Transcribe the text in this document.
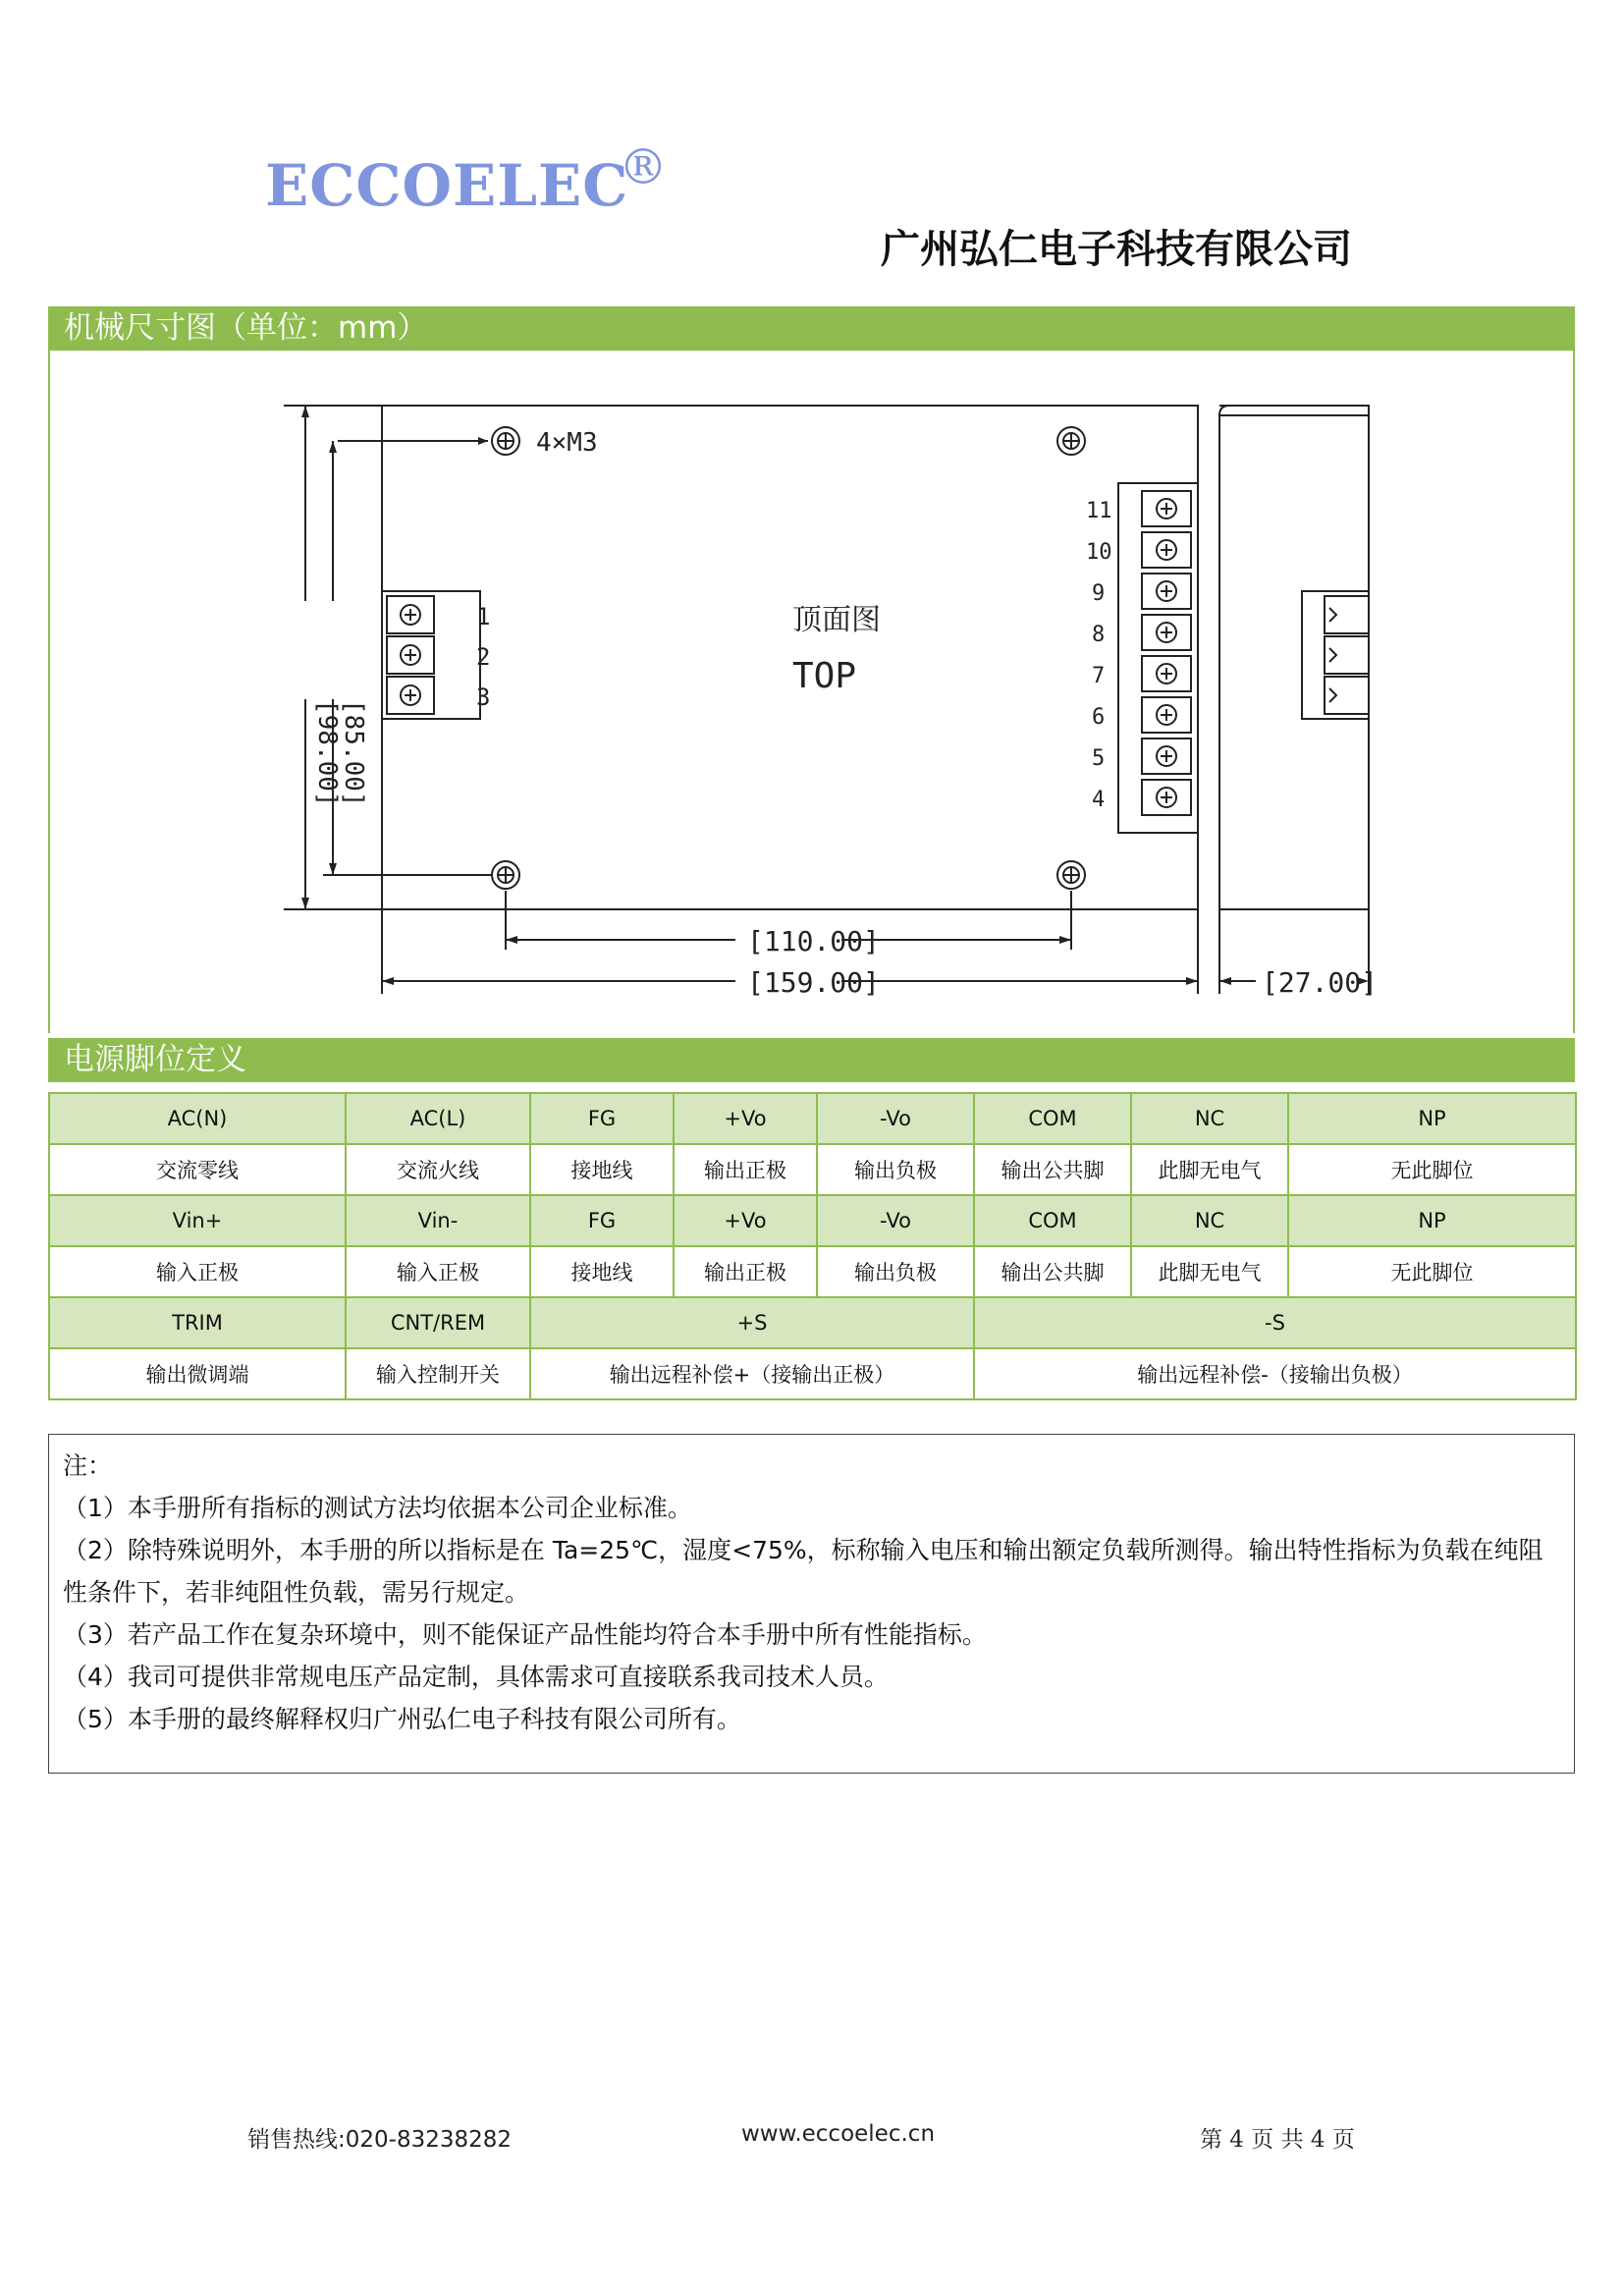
ECCOELEC
®
广州弘仁电子科技有限公司
机械尺寸图（单位：mm）
4×M3
1
2
3
11
10
9
8
7
6
5
4
顶面图
TOP
[98.00]
[85.00]
[110.00]
[159.00]	[27.00]
电源脚位定义
AC(N)	AC(L)	FG	+Vo	-Vo	COM	NC	NP
交流零线	交流火线	接地线	输出正极	输出负极	输出公共脚	此脚无电气	无此脚位
Vin+	Vin-	FG	+Vo	-Vo	COM	NC	NP
输入正极	输入正极	接地线	输出正极	输出负极	输出公共脚	此脚无电气	无此脚位
TRIM	CNT/REM	+S			-S		
输出微调端	输入控制开关	输出远程补偿+（接输出正极）			输出远程补偿-（接输出负极）		
注：
（1）本手册所有指标的测试方法均依据本公司企业标准。
（2）除特殊说明外，本手册的所以指标是在 Ta=25℃，湿度<75%，标称输入电压和输出额定负载所测得。输出特性指标为负载在纯阻性条件下，若非纯阻性负载，需另行规定。
（3）若产品工作在复杂环境中，则不能保证产品性能均符合本手册中所有性能指标。
（4）我司可提供非常规电压产品定制，具体需求可直接联系我司技术人员。
（5）本手册的最终解释权归广州弘仁电子科技有限公司所有。
销售热线:020-83238282	www.eccoelec.cn	第 4 页 共 4 页
